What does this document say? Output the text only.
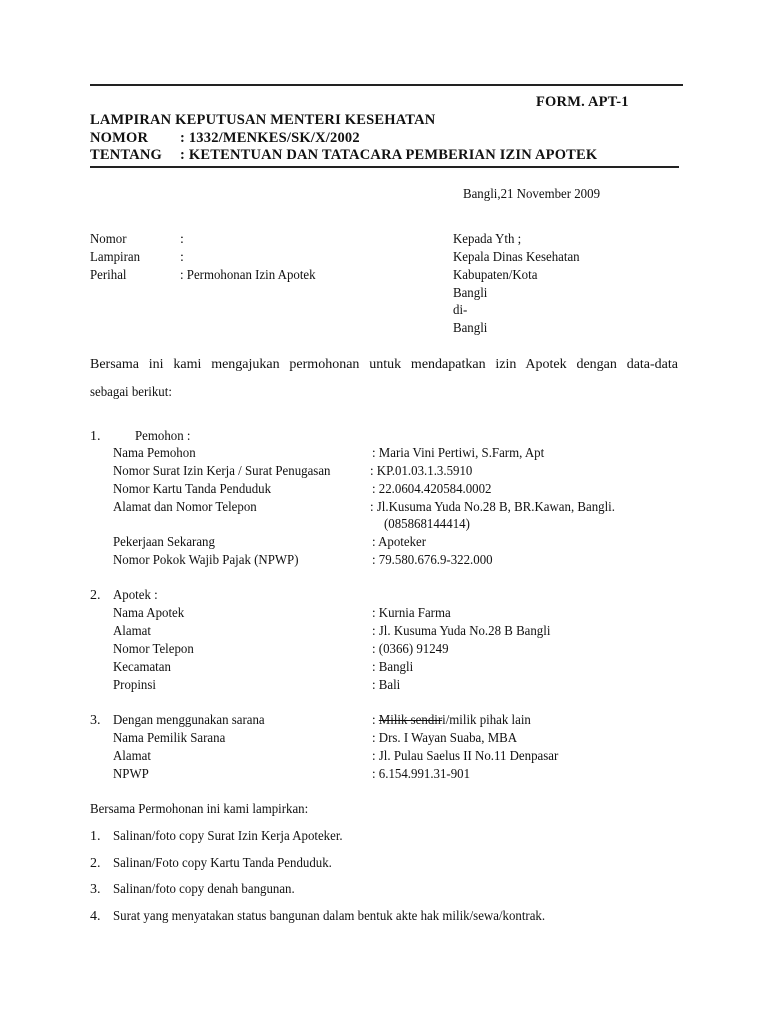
FORM. APT-1
LAMPIRAN KEPUTUSAN MENTERI KESEHATAN
NOMOR : 1332/MENKES/SK/X/2002
TENTANG : KETENTUAN DAN TATACARA PEMBERIAN IZIN APOTEK
Bangli,21 November 2009
Nomor	:
Lampiran	:
Perihal	: Permohonan Izin Apotek
Kepada Yth ;
Kepala Dinas Kesehatan
Kabupaten/Kota
Bangli
di-
Bangli
Bersama ini kami mengajukan permohonan untuk mendapatkan izin Apotek dengan data-data
sebagai berikut:
1. Pemohon :
Nama Pemohon	: Maria Vini Pertiwi, S.Farm, Apt
Nomor Surat Izin Kerja / Surat Penugasan	: KP.01.03.1.3.5910
Nomor Kartu Tanda Penduduk	: 22.0604.420584.0002
Alamat dan Nomor Telepon	: Jl.Kusuma Yuda No.28 B, BR.Kawan, Bangli.
(085868144414)
Pekerjaan Sekarang	: Apoteker
Nomor Pokok Wajib Pajak (NPWP)	: 79.580.676.9-322.000
2. Apotek :
Nama Apotek	: Kurnia Farma
Alamat	: Jl. Kusuma Yuda No.28 B Bangli
Nomor Telepon	: (0366) 91249
Kecamatan	: Bangli
Propinsi	: Bali
3. Dengan menggunakan sarana	: Milik sendiri/milik pihak lain
Nama Pemilik Sarana	: Drs. I Wayan Suaba, MBA
Alamat	: Jl. Pulau Saelus II No.11 Denpasar
NPWP	: 6.154.991.31-901
Bersama Permohonan ini kami lampirkan:
1. Salinan/foto copy Surat Izin Kerja Apoteker.
2. Salinan/Foto copy Kartu Tanda Penduduk.
3. Salinan/foto copy denah bangunan.
4. Surat yang menyatakan status bangunan dalam bentuk akte hak milik/sewa/kontrak.
